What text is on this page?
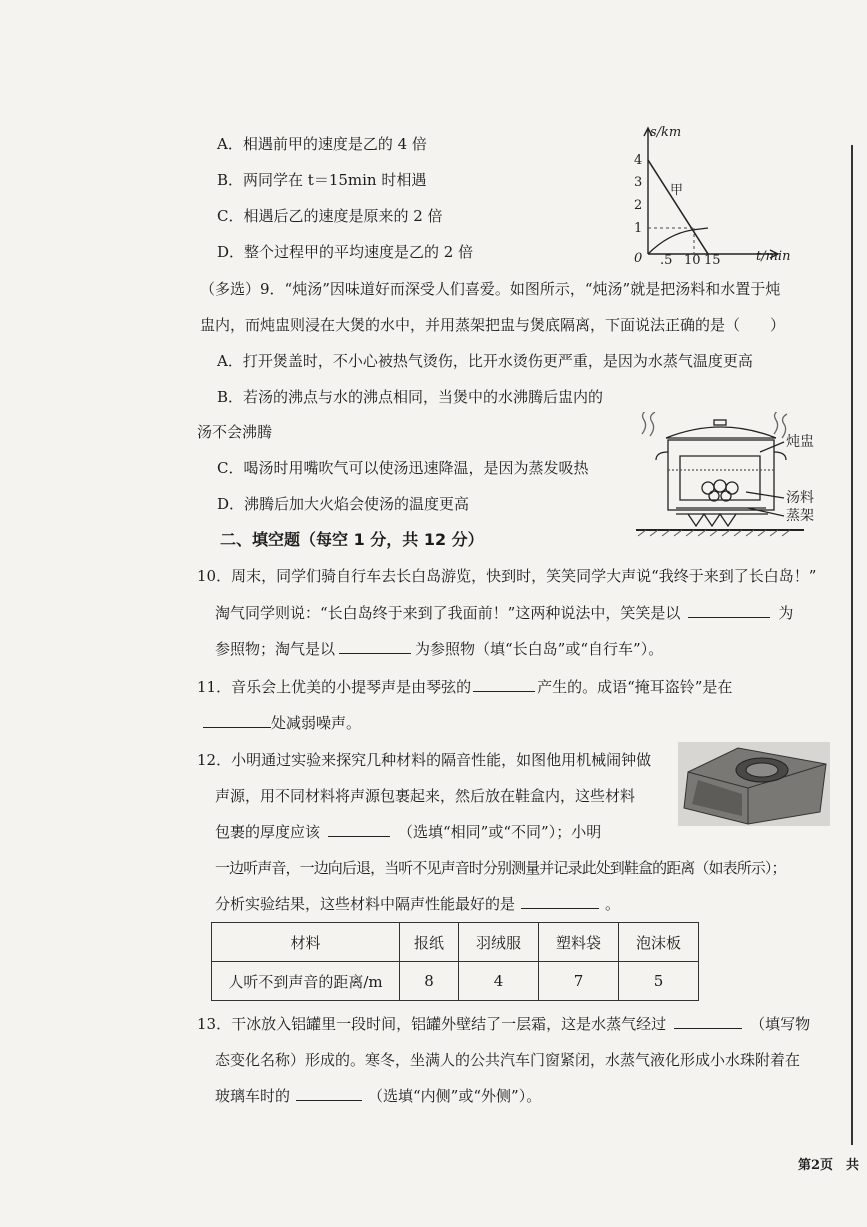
A．相遇前甲的速度是乙的 4 倍
B．两同学在 t＝15min 时相遇
C．相遇后乙的速度是原来的 2 倍
D．整个过程甲的平均速度是乙的 2 倍
s/km
4
3
2
1
0 .5 10 15	t/min
甲
（多选）9．“炖汤”因味道好而深受人们喜爱。如图所示，“炖汤”就是把汤料和水置于炖
盅内，而炖盅则浸在大煲的水中，并用蒸架把盅与煲底隔离，下面说法正确的是（　　）
A．打开煲盖时，不小心被热气烫伤，比开水烫伤更严重，是因为水蒸气温度更高
B．若汤的沸点与水的沸点相同，当煲中的水沸腾后盅内的
汤不会沸腾
C．喝汤时用嘴吹气可以使汤迅速降温，是因为蒸发吸热
D．沸腾后加大火焰会使汤的温度更高
炖盅
汤料
蒸架
二、填空题（每空 1 分，共 12 分）
10．周末，同学们骑自行车去长白岛游览，快到时，笑笑同学大声说“我终于来到了长白岛！”
淘气同学则说：“长白岛终于来到了我面前！”这两种说法中，笑笑是以	为
参照物；淘气是以	为参照物（填“长白岛”或“自行车”）。
11．音乐会上优美的小提琴声是由琴弦的	产生的。成语“掩耳盗铃”是在
处减弱噪声。
12．小明通过实验来探究几种材料的隔音性能，如图他用机械闹钟做
声源，用不同材料将声源包裹起来，然后放在鞋盒内，这些材料
包裹的厚度应该	（选填“相同”或“不同”）；小明
一边听声音，一边向后退，当听不见声音时分别测量并记录此处到鞋盒的距离（如表所示）；
分析实验结果，这些材料中隔声性能最好的是	。
材料	报纸	羽绒服	塑料袋	泡沫板
人听不到声音的距离/m	8	4	7	5
13．干冰放入铝罐里一段时间，铝罐外壁结了一层霜，这是水蒸气经过	（填写物
态变化名称）形成的。寒冬，坐满人的公共汽车门窗紧闭，水蒸气液化形成小水珠附着在
玻璃车时的	（选填“内侧”或“外侧”）。
第2页　共
